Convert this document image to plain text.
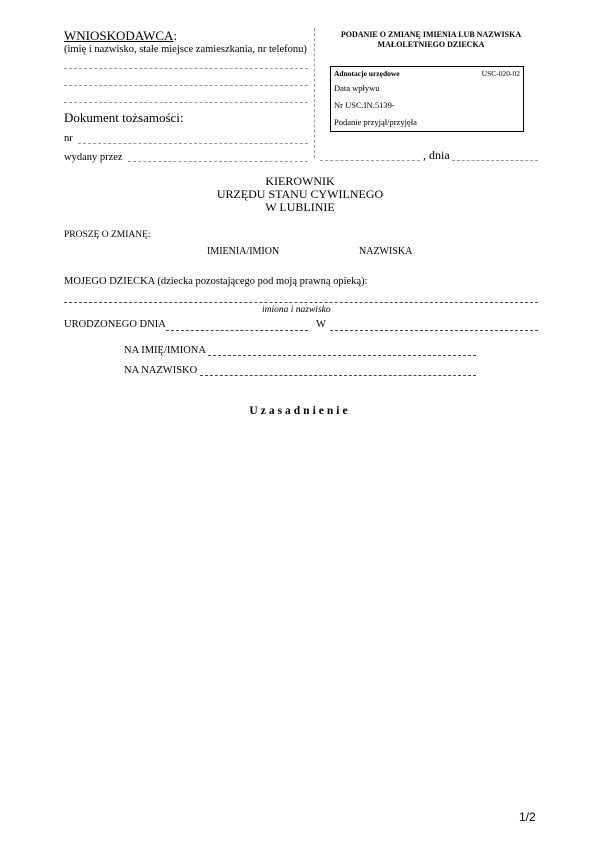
WNIOSKODAWCA:
(imię i nazwisko, stałe miejsce zamieszkania, nr telefonu)
Dokument tożsamości:
nr
wydany przez
PODANIE O ZMIANĘ IMIENIA LUB NAZWISKA
MAŁOLETNIEGO DZIECKA
Adnotacje urzędowe	USC-020-02
Data wpływu
Nr USC.IN.5139-
Podanie przyjął/przyjęła
, dnia
KIEROWNIK
URZĘDU STANU CYWILNEGO
W LUBLINIE
PROSZĘ O ZMIANĘ:
IMIENIA/IMION	NAZWISKA
MOJEGO DZIECKA (dziecka pozostającego pod moją prawną opieką):
imiona i nazwisko
URODZONEGO DNIA	W
NA IMIĘ/IMIONA
NA NAZWISKO
Uzasadnienie
1/2
